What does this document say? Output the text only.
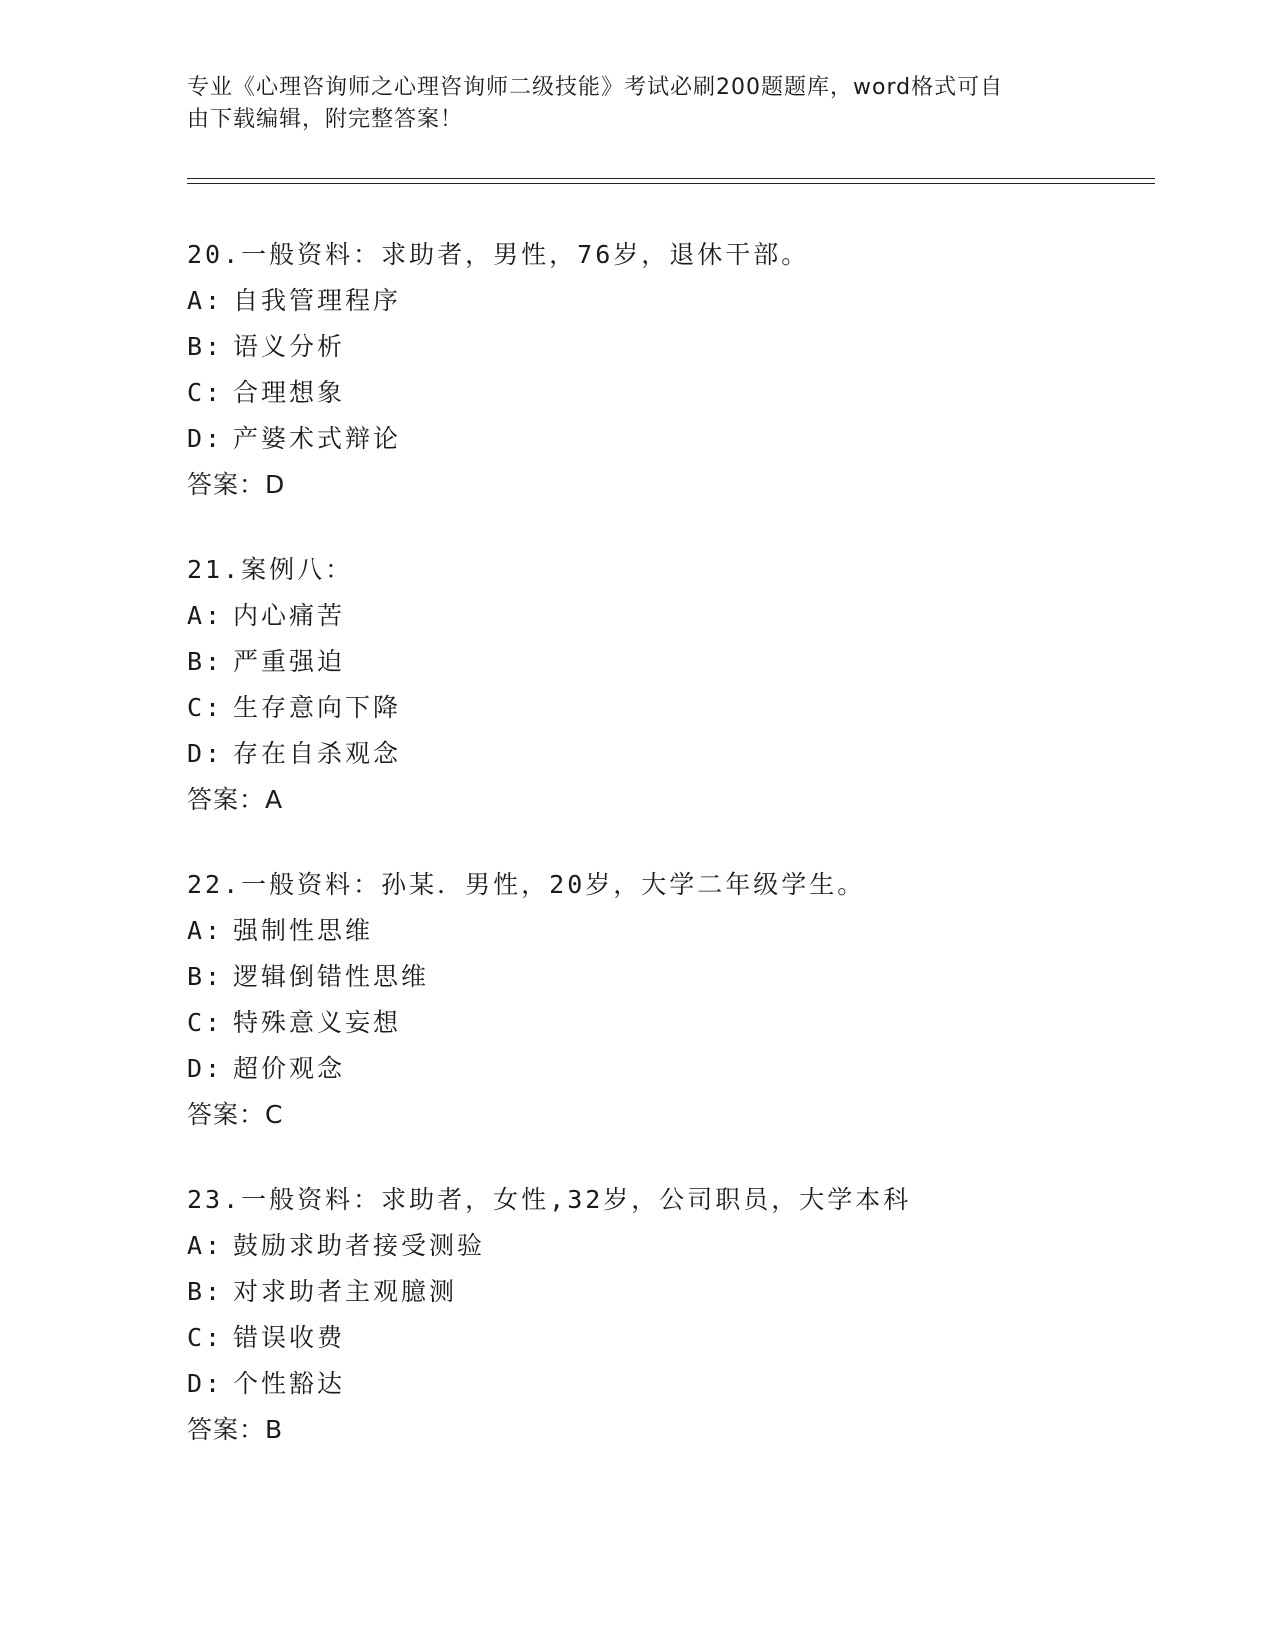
专业《心理咨询师之心理咨询师二级技能》考试必刷200题题库，word格式可自
由下载编辑，附完整答案！
20.一般资料：求助者，男性，76岁，退休干部。
A: 自我管理程序
B: 语义分析
C: 合理想象
D: 产婆术式辩论
答案：D
21.案例八：
A: 内心痛苦
B: 严重强迫
C: 生存意向下降
D: 存在自杀观念
答案：A
22.一般资料：孙某．男性，20岁，大学二年级学生。
A: 强制性思维
B: 逻辑倒错性思维
C: 特殊意义妄想
D: 超价观念
答案：C
23.一般资料：求助者，女性,32岁，公司职员，大学本科
A: 鼓励求助者接受测验
B: 对求助者主观臆测
C: 错误收费
D: 个性豁达
答案：B
